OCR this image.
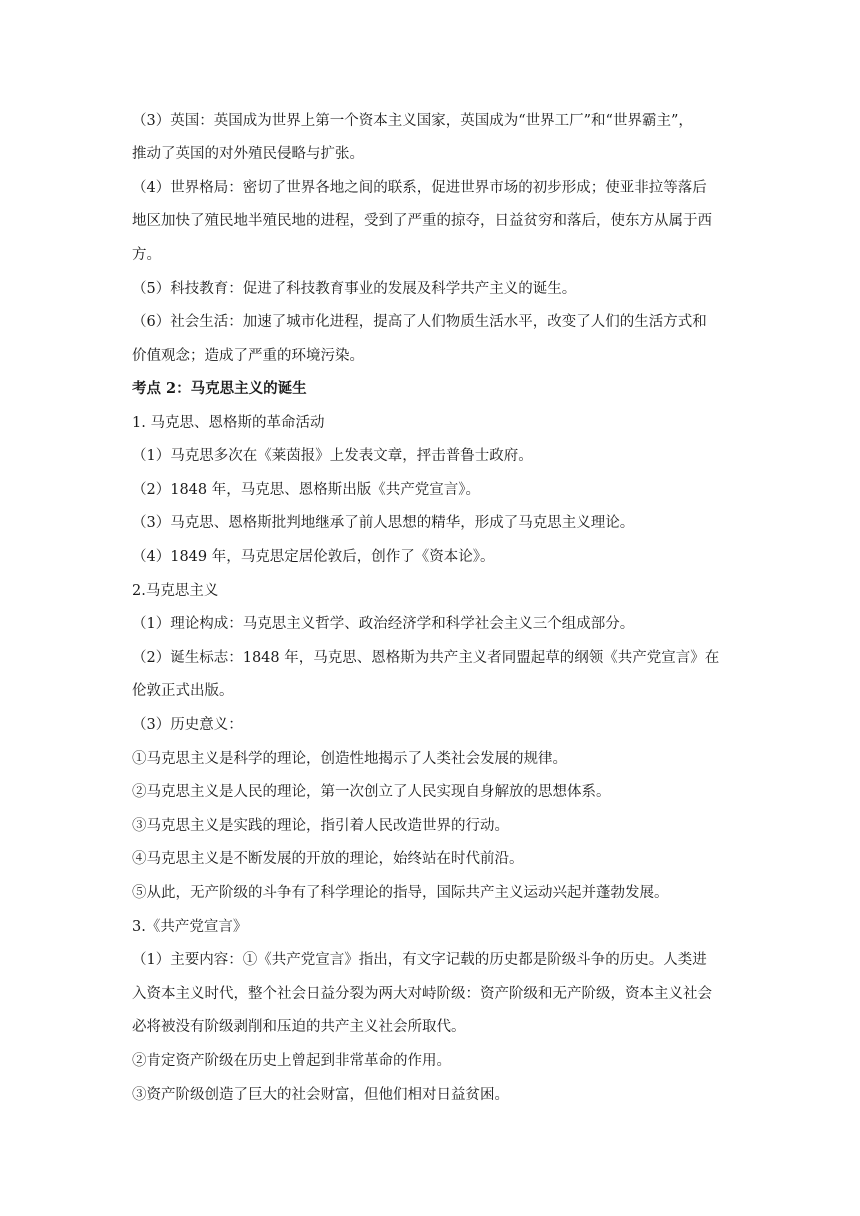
（3）英国：英国成为世界上第一个资本主义国家，英国成为“世界工厂”和“世界霸主”，
推动了英国的对外殖民侵略与扩张。
（4）世界格局：密切了世界各地之间的联系，促进世界市场的初步形成；使亚非拉等落后
地区加快了殖民地半殖民地的进程，受到了严重的掠夺，日益贫穷和落后，使东方从属于西
方。
（5）科技教育：促进了科技教育事业的发展及科学共产主义的诞生。
（6）社会生活：加速了城市化进程，提高了人们物质生活水平，改变了人们的生活方式和
价值观念；造成了严重的环境污染。
考点 2：马克思主义的诞生
1. 马克思、恩格斯的革命活动
（1）马克思多次在《莱茵报》上发表文章，抨击普鲁士政府。
（2）1848 年，马克思、恩格斯出版《共产党宣言》。
（3）马克思、恩格斯批判地继承了前人思想的精华，形成了马克思主义理论。
（4）1849 年，马克思定居伦敦后，创作了《资本论》。
2.马克思主义
（1）理论构成：马克思主义哲学、政治经济学和科学社会主义三个组成部分。
（2）诞生标志：1848 年，马克思、恩格斯为共产主义者同盟起草的纲领《共产党宣言》在
伦敦正式出版。
（3）历史意义：
①马克思主义是科学的理论，创造性地揭示了人类社会发展的规律。
②马克思主义是人民的理论，第一次创立了人民实现自身解放的思想体系。
③马克思主义是实践的理论，指引着人民改造世界的行动。
④马克思主义是不断发展的开放的理论，始终站在时代前沿。
⑤从此，无产阶级的斗争有了科学理论的指导，国际共产主义运动兴起并蓬勃发展。
3.《共产党宣言》
（1）主要内容：①《共产党宣言》指出，有文字记载的历史都是阶级斗争的历史。人类进
入资本主义时代，整个社会日益分裂为两大对峙阶级：资产阶级和无产阶级，资本主义社会
必将被没有阶级剥削和压迫的共产主义社会所取代。
②肯定资产阶级在历史上曾起到非常革命的作用。
③资产阶级创造了巨大的社会财富，但他们相对日益贫困。
